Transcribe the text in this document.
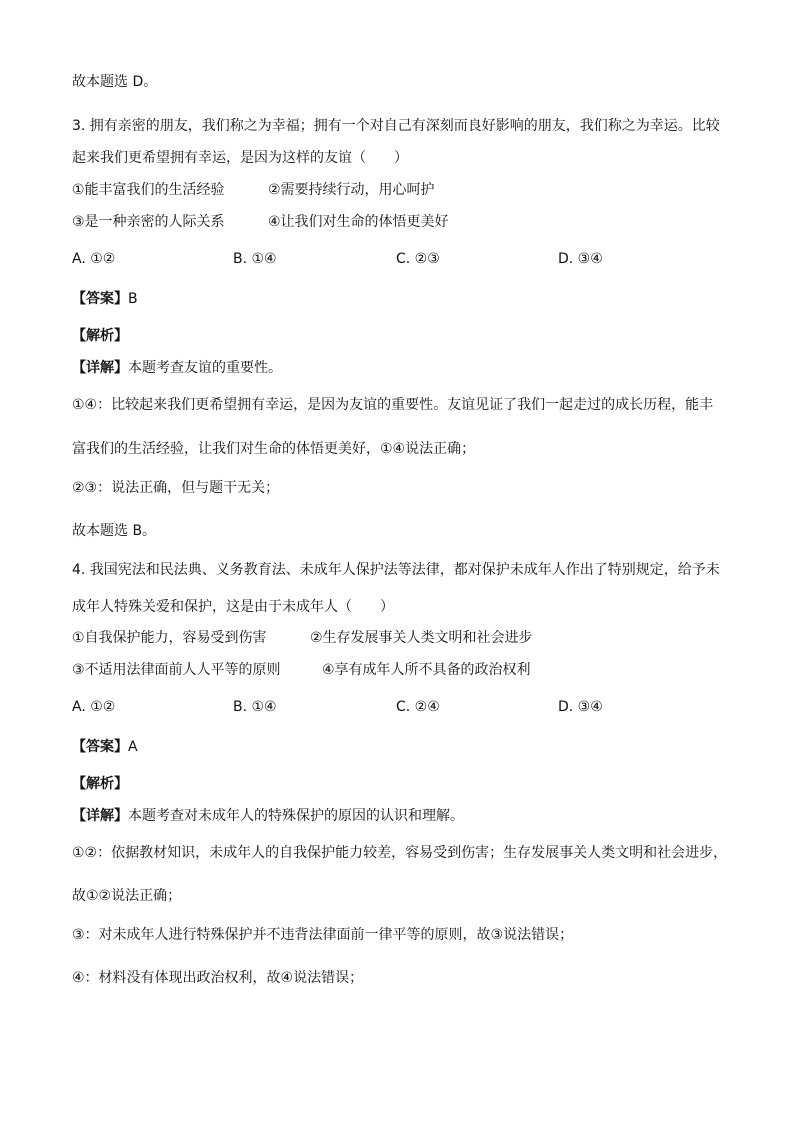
故本题选 D。
3. 拥有亲密的朋友，我们称之为幸福；拥有一个对自己有深刻而良好影响的朋友，我们称之为幸运。比较
起来我们更希望拥有幸运，是因为这样的友谊（　　）
①能丰富我们的生活经验	②需要持续行动，用心呵护
③是一种亲密的人际关系	④让我们对生命的体悟更美好
A. ①②	B. ①④	C. ②③	D. ③④
【答案】B
【解析】
【详解】本题考查友谊的重要性。
①④：比较起来我们更希望拥有幸运，是因为友谊的重要性。友谊见证了我们一起走过的成长历程，能丰
富我们的生活经验，让我们对生命的体悟更美好，①④说法正确；
②③：说法正确，但与题干无关；
故本题选 B。
4. 我国宪法和民法典、义务教育法、未成年人保护法等法律，都对保护未成年人作出了特别规定，给予未
成年人特殊关爱和保护，这是由于未成年人（　　）
①自我保护能力，容易受到伤害	②生存发展事关人类文明和社会进步
③不适用法律面前人人平等的原则	④享有成年人所不具备的政治权利
A. ①②	B. ①④	C. ②④	D. ③④
【答案】A
【解析】
【详解】本题考查对未成年人的特殊保护的原因的认识和理解。
①②：依据教材知识，未成年人的自我保护能力较差，容易受到伤害；生存发展事关人类文明和社会进步，
故①②说法正确；
③：对未成年人进行特殊保护并不违背法律面前一律平等的原则，故③说法错误；
④：材料没有体现出政治权利，故④说法错误；
